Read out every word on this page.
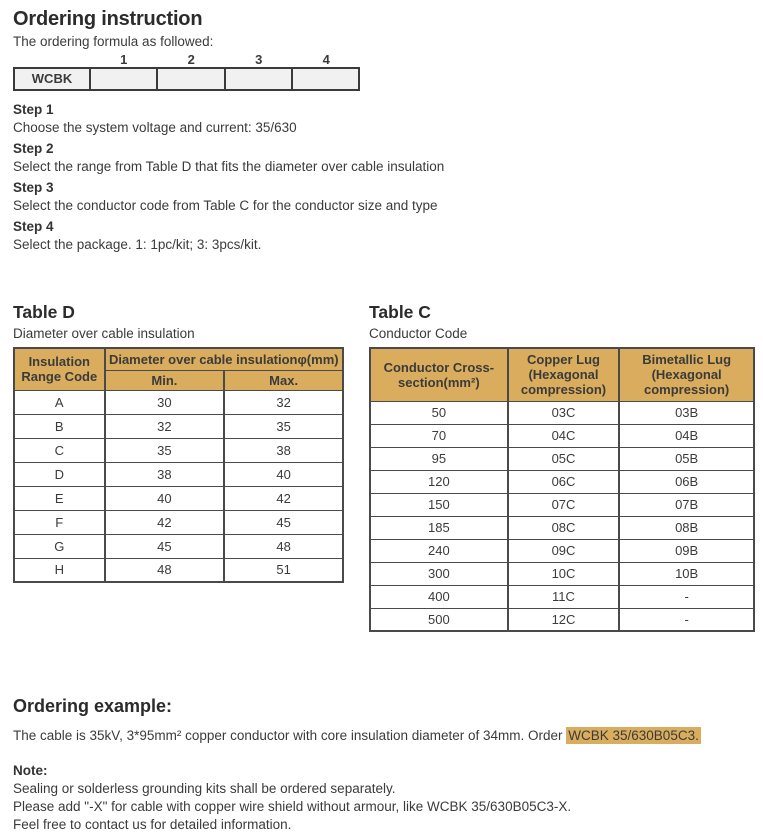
Ordering instruction

The ordering formula as followed:

1	2	3	4
WCBK

Step 1

Choose the system voltage and current: 35/630

Step 2

Select the range from Table D that fits the diameter over cable insulation

Step 3

Select the conductor code from Table C for the conductor size and type

Step 4

Select the package. 1: 1pc/kit; 3: 3pcs/kit.

Table D

Diameter over cable insulation

Insulation Range Code	Diameter over cable insulationφ(mm)	
	Min.	Max.
A	30	32
B	32	35
C	35	38
D	38	40
E	40	42
F	42	45
G	45	48
H	48	51
Table C

Conductor Code

Conductor Cross-section(mm²)	Copper Lug (Hexagonal compression)	Bimetallic Lug (Hexagonal compression)
50	03C	03B
70	04C	04B
95	05C	05B
120	06C	06B
150	07C	07B
185	08C	08B
240	09C	09B
300	10C	10B
400	11C	-
500	12C	-
Ordering example:

The cable is 35kV, 3*95mm² copper conductor with core insulation diameter of 34mm. Order WCBK 35/630B05C3.

Note:

Sealing or solderless grounding kits shall be ordered separately.

Please add "-X" for cable with copper wire shield without armour, like WCBK 35/630B05C3-X.

Feel free to contact us for detailed information.
